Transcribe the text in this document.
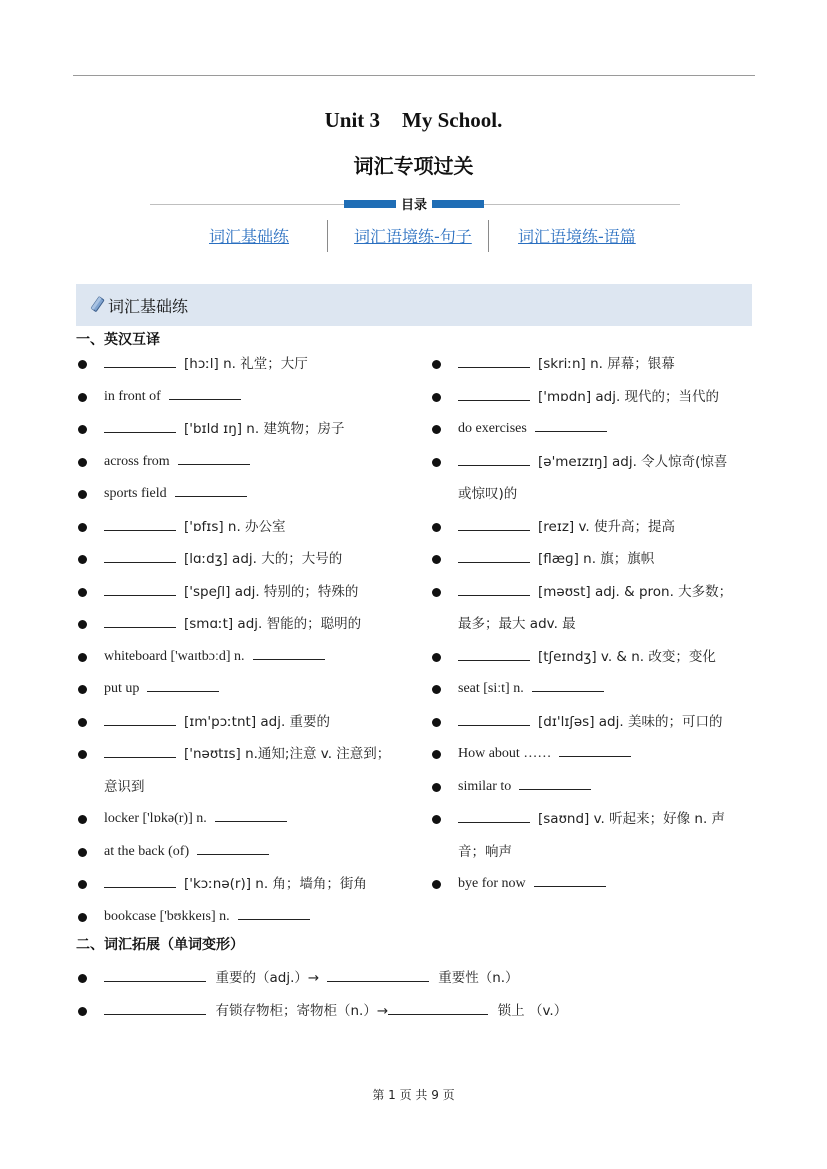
Unit 3 My School.
词汇专项过关
目录
词汇基础练	词汇语境练-句子	词汇语境练-语篇
词汇基础练
一、英汉互译
[hɔːl] n. 礼堂；大厅
in front of
['bɪld ɪŋ] n. 建筑物；房子
across from
sports field
['ɒfɪs] n. 办公室
[lɑːdʒ] adj. 大的；大号的
['speʃl] adj. 特别的；特殊的
[smɑːt] adj. 智能的；聪明的
whiteboard ['waɪtbɔːd] n.
put up
[ɪm'pɔːtnt] adj. 重要的
['nəʊtɪs] n.通知;注意 v. 注意到；
意识到
locker ['lɒkə(r)] n.
at the back (of)
['kɔːnə(r)] n. 角；墙角；街角
bookcase ['bʊkkeɪs] n.
[skriːn] n. 屏幕；银幕
['mɒdn] adj. 现代的；当代的
do exercises
[ə'meɪzɪŋ] adj. 令人惊奇(惊喜
或惊叹)的
[reɪz] v. 使升高；提高
[flæɡ] n. 旗；旗帜
[məʊst] adj. & pron. 大多数；
最多；最大 adv. 最
[tʃeɪndʒ] v. & n. 改变；变化
seat [siːt] n.
[dɪ'lɪʃəs] adj. 美味的；可口的
How about ……
similar to
[saʊnd] v. 听起来；好像 n. 声
音；响声
bye for now
二、词汇拓展（单词变形）
重要的（adj.）→	重要性（n.）
有锁存物柜；寄物柜（n.）→	锁上 （v.）
第 1 页 共 9 页
